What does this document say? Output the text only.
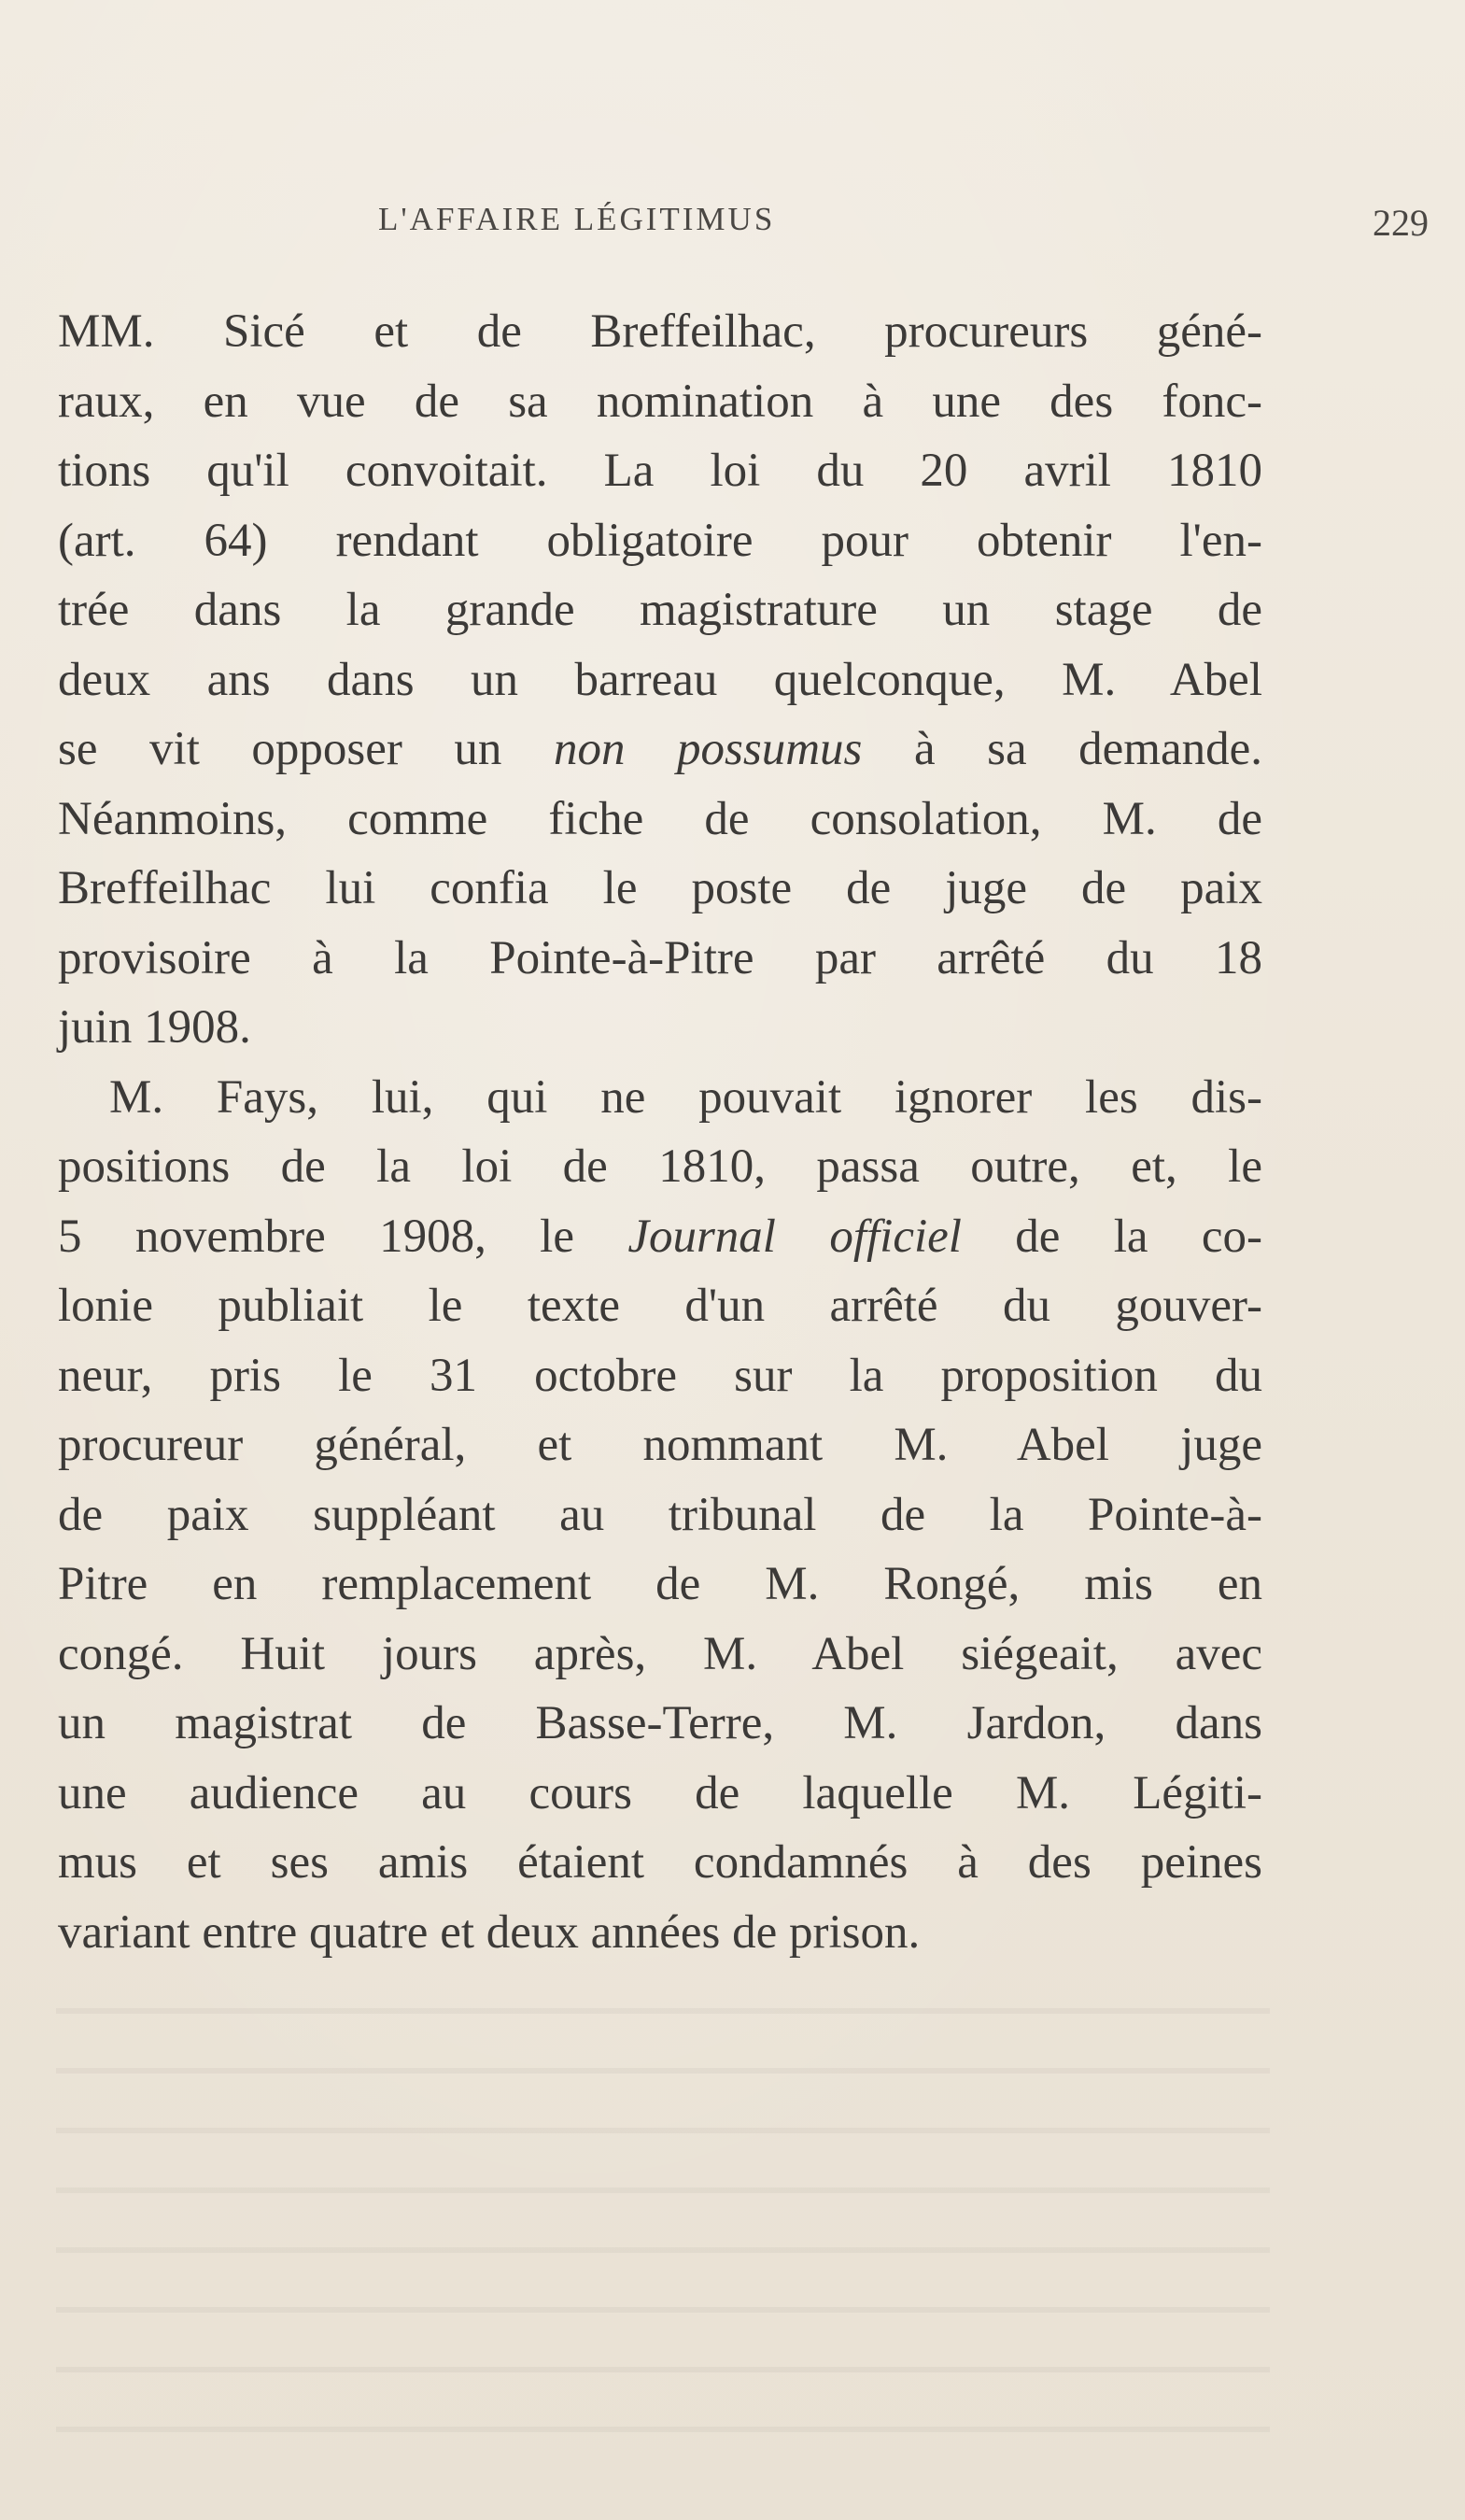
L'AFFAIRE LÉGITIMUS	229
MM. Sicé et de Breffeilhac, procureurs géné-
raux, en vue de sa nomination à une des fonc-
tions qu'il convoitait. La loi du 20 avril 1810
(art. 64) rendant obligatoire pour obtenir l'en-
trée dans la grande magistrature un stage de
deux ans dans un barreau quelconque, M. Abel
se vit opposer un non possumus à sa demande.
Néanmoins, comme fiche de consolation, M. de
Breffeilhac lui confia le poste de juge de paix
provisoire à la Pointe-à-Pitre par arrêté du 18
juin 1908.
M. Fays, lui, qui ne pouvait ignorer les dis-
positions de la loi de 1810, passa outre, et, le
5 novembre 1908, le Journal officiel de la co-
lonie publiait le texte d'un arrêté du gouver-
neur, pris le 31 octobre sur la proposition du
procureur général, et nommant M. Abel juge
de paix suppléant au tribunal de la Pointe-à-
Pitre en remplacement de M. Rongé, mis en
congé. Huit jours après, M. Abel siégeait, avec
un magistrat de Basse-Terre, M. Jardon, dans
une audience au cours de laquelle M. Légiti-
mus et ses amis étaient condamnés à des peines
variant entre quatre et deux années de prison.
